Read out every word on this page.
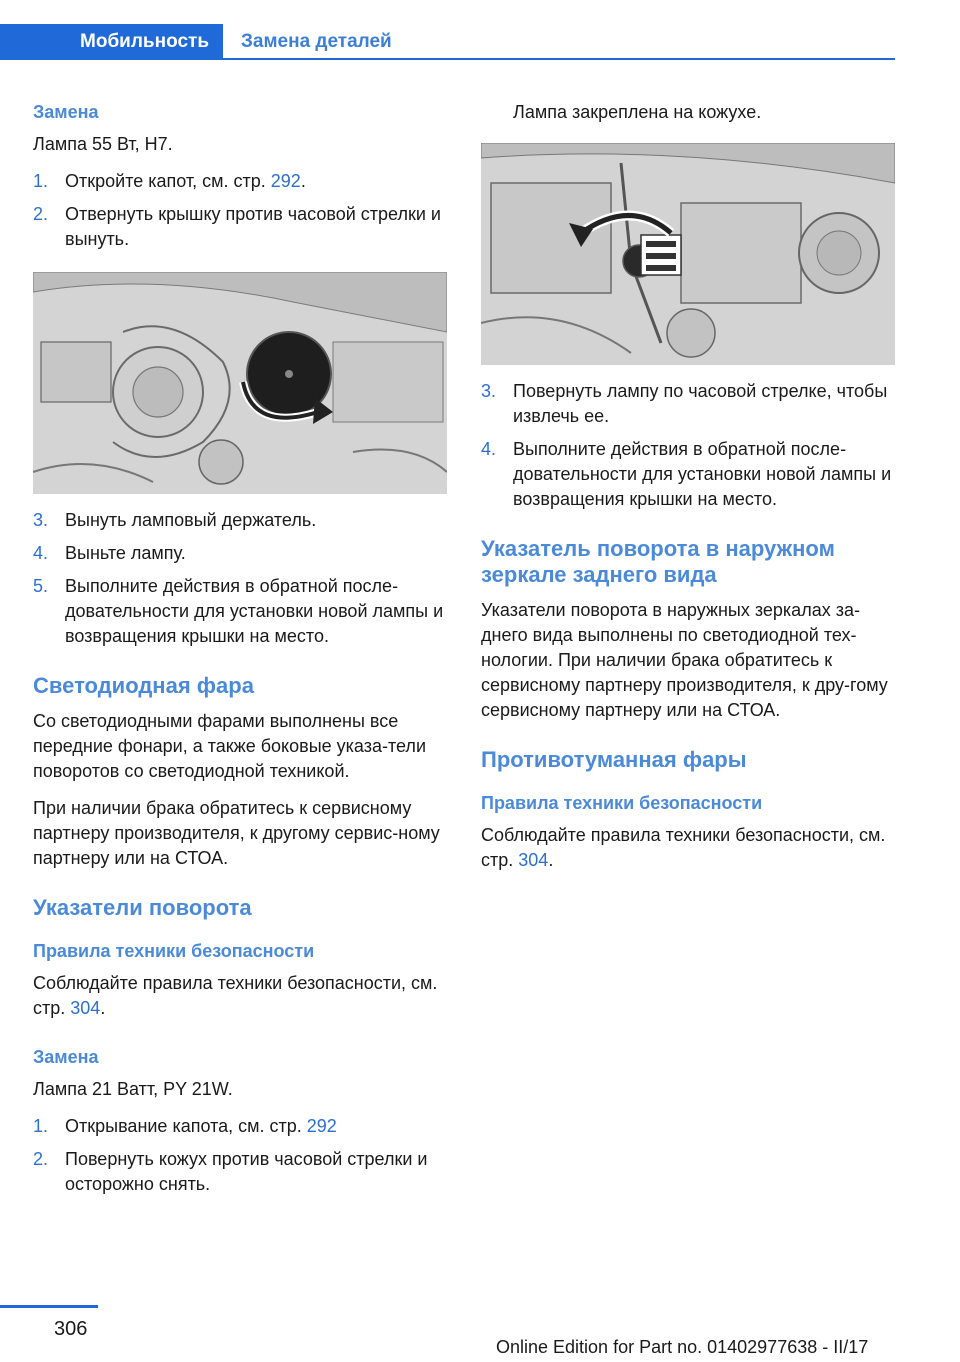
Мобильность	Замена деталей
Замена
Лампа 55 Вт, H7.
1. Откройте капот, см. стр. 292.
2. Отвернуть крышку против часовой стрелки и вынуть.
3. Вынуть ламповый держатель.
4. Выньте лампу.
5. Выполните действия в обратной после-довательности для установки новой лампы и возвращения крышки на место.
Светодиодная фара
Со светодиодными фарами выполнены все передние фонари, а также боковые указа-тели поворотов со светодиодной техникой.
При наличии брака обратитесь к сервисному партнеру производителя, к другому сервис-ному партнеру или на СТОА.
Указатели поворота
Правила техники безопасности
Соблюдайте правила техники безопасности, см. стр. 304.
Замена
Лампа 21 Ватт, PY 21W.
1. Открывание капота, см. стр. 292
2. Повернуть кожух против часовой стрелки и осторожно снять.
Лампа закреплена на кожухе.
3. Повернуть лампу по часовой стрелке, чтобы извлечь ее.
4. Выполните действия в обратной после-довательности для установки новой лампы и возвращения крышки на место.
Указатель поворота в наружном зеркале заднего вида
Указатели поворота в наружных зеркалах за-днего вида выполнены по светодиодной тех-нологии. При наличии брака обратитесь к сервисному партнеру производителя, к дру-гому сервисному партнеру или на СТОА.
Противотуманная фары
Правила техники безопасности
Соблюдайте правила техники безопасности, см. стр. 304.
306
Online Edition for Part no. 01402977638 - II/17
